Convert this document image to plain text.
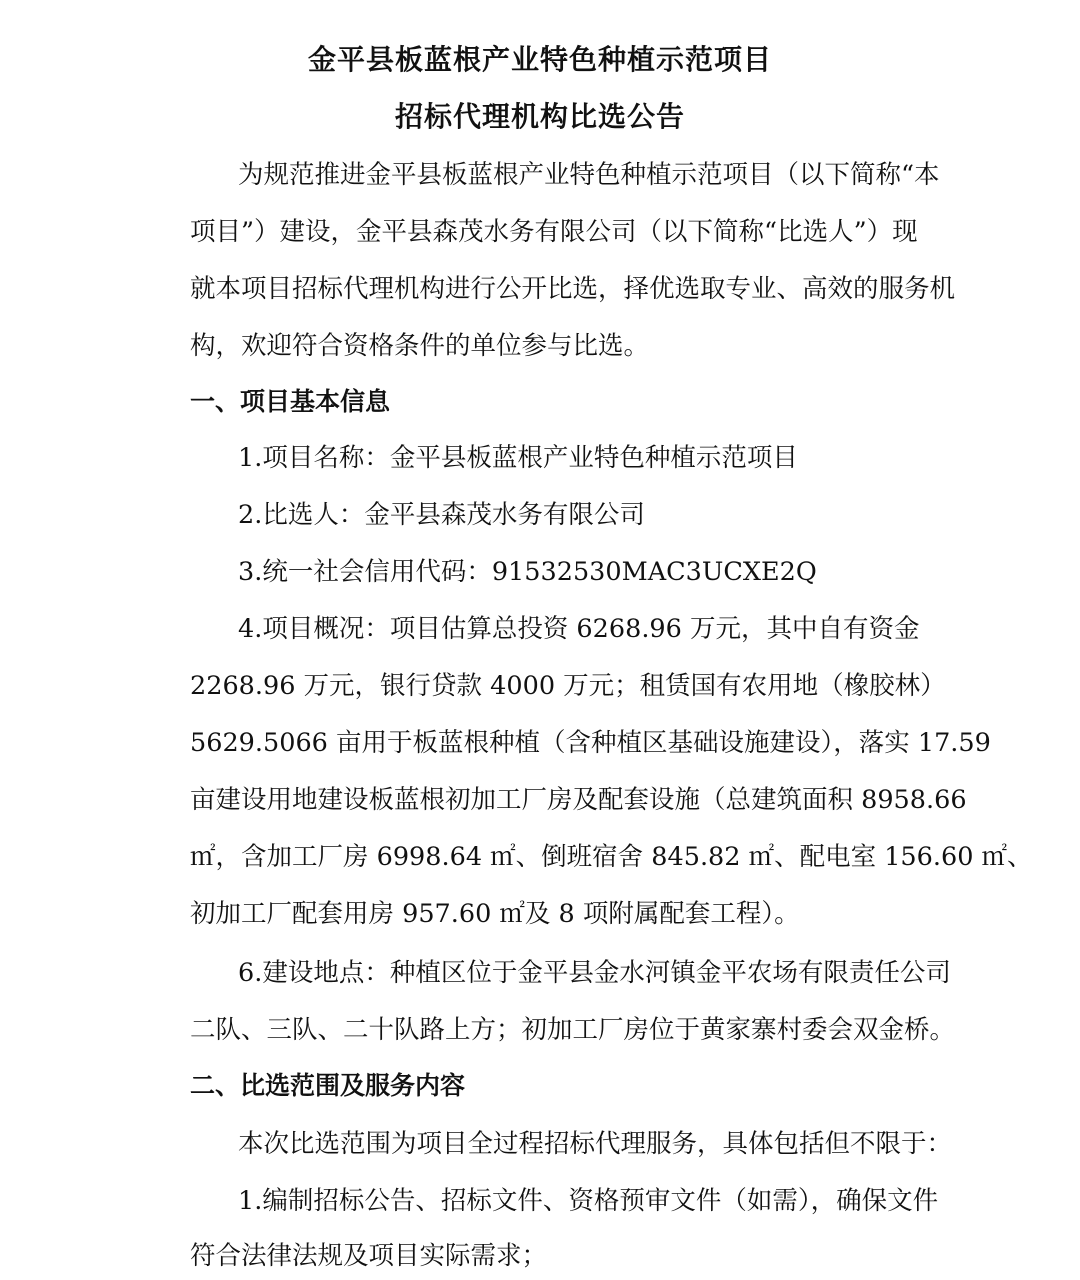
金平县板蓝根产业特色种植示范项目
招标代理机构比选公告
为规范推进金平县板蓝根产业特色种植示范项目（以下简称“本
项目”）建设，金平县森茂水务有限公司（以下简称“比选人”）现
就本项目招标代理机构进行公开比选，择优选取专业、高效的服务机
构，欢迎符合资格条件的单位参与比选。
一、项目基本信息
1.项目名称：金平县板蓝根产业特色种植示范项目
2.比选人：金平县森茂水务有限公司
3.统一社会信用代码：91532530MAC3UCXE2Q
4.项目概况：项目估算总投资 6268.96 万元，其中自有资金
2268.96 万元，银行贷款 4000 万元；租赁国有农用地（橡胶林）
5629.5066 亩用于板蓝根种植（含种植区基础设施建设），落实 17.59
亩建设用地建设板蓝根初加工厂房及配套设施（总建筑面积 8958.66
㎡，含加工厂房 6998.64 ㎡、倒班宿舍 845.82 ㎡、配电室 156.60 ㎡、
初加工厂配套用房 957.60 ㎡及 8 项附属配套工程）。
6.建设地点：种植区位于金平县金水河镇金平农场有限责任公司
二队、三队、二十队路上方；初加工厂房位于黄家寨村委会双金桥。
二、比选范围及服务内容
本次比选范围为项目全过程招标代理服务，具体包括但不限于：
1.编制招标公告、招标文件、资格预审文件（如需），确保文件
符合法律法规及项目实际需求；
